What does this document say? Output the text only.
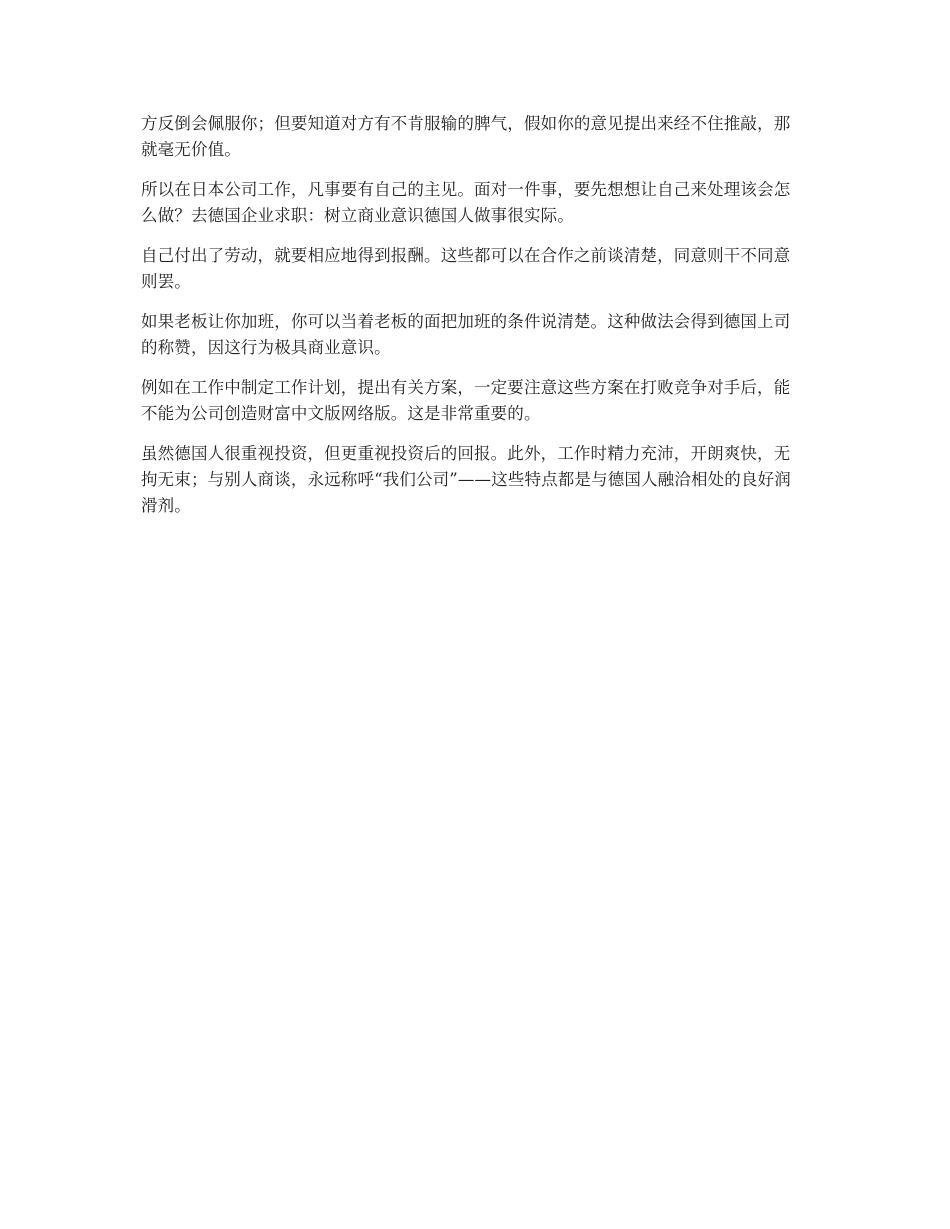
方反倒会佩服你；但要知道对方有不肯服输的脾气，假如你的意见提出来经不住推敲，那
就毫无价值。

所以在日本公司工作，凡事要有自己的主见。面对一件事，要先想想让自己来处理该会怎
么做？去德国企业求职：树立商业意识德国人做事很实际。

自己付出了劳动，就要相应地得到报酬。这些都可以在合作之前谈清楚，同意则干不同意
则罢。

如果老板让你加班，你可以当着老板的面把加班的条件说清楚。这种做法会得到德国上司
的称赞，因这行为极具商业意识。

例如在工作中制定工作计划，提出有关方案，一定要注意这些方案在打败竞争对手后，能
不能为公司创造财富中文版网络版。这是非常重要的。

虽然德国人很重视投资，但更重视投资后的回报。此外，工作时精力充沛，开朗爽快，无
拘无束；与别人商谈，永远称呼“我们公司”——这些特点都是与德国人融洽相处的良好润
滑剂。
